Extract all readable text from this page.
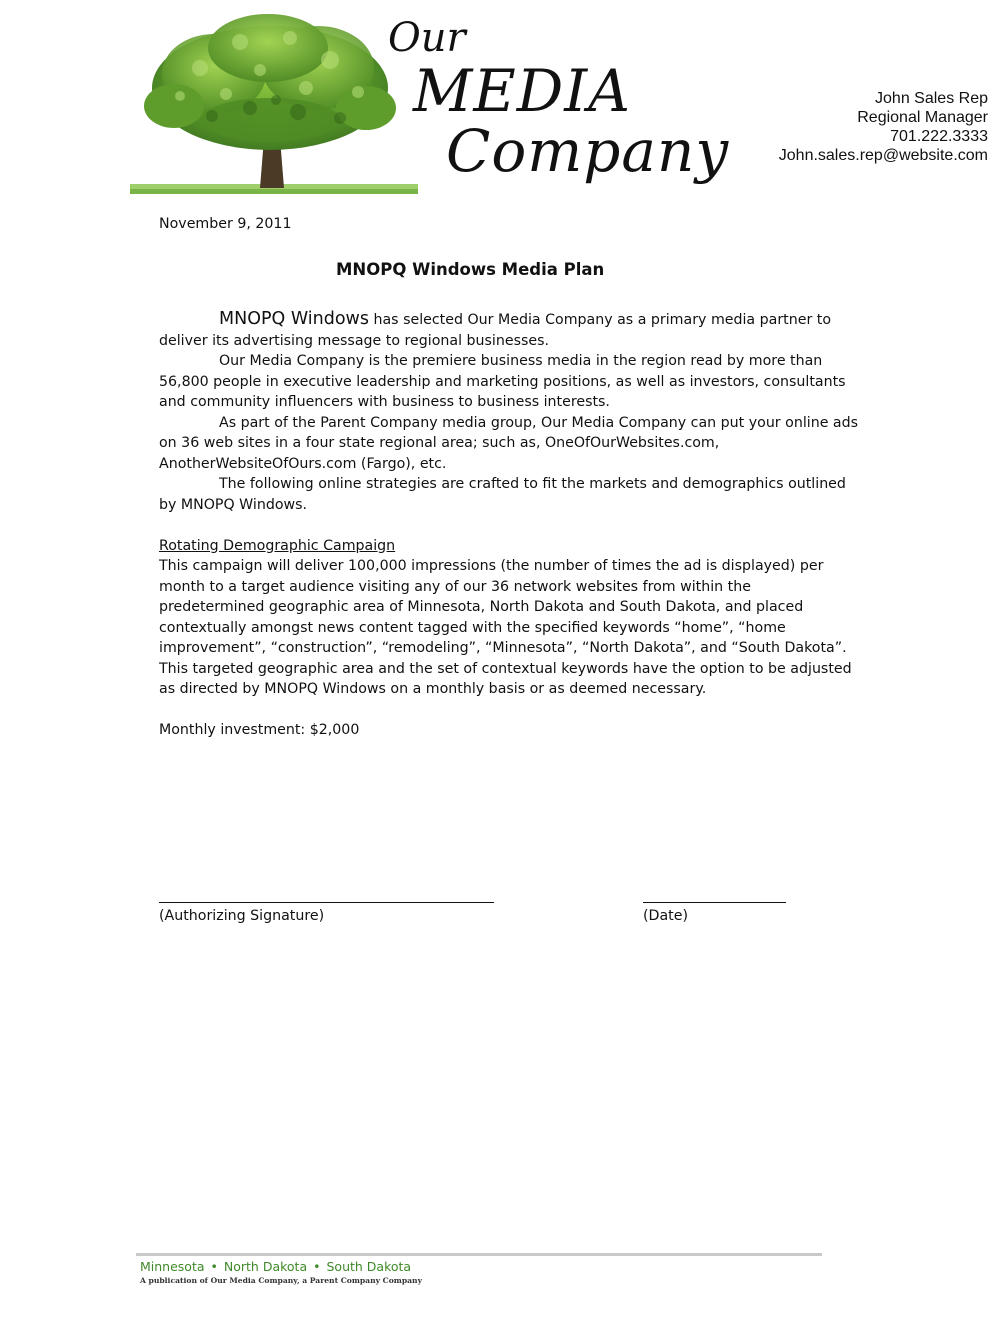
Our
MEDIA
Company
John Sales Rep
Regional Manager
701.222.3333
John.sales.rep@website.com
November 9, 2011
MNOPQ Windows Media Plan

MNOPQ Windows has selected Our Media Company as a primary media partner to deliver its advertising message to regional businesses.

Our Media Company is the premiere business media in the region read by more than 56,800 people in executive leadership and marketing positions, as well as investors, consultants and community influencers with business to business interests.

As part of the Parent Company media group, Our Media Company can put your online ads on 36 web sites in a four state regional area; such as, OneOfOurWebsites.com, AnotherWebsiteOfOurs.com (Fargo), etc.

The following online strategies are crafted to fit the markets and demographics outlined by MNOPQ Windows.

Rotating Demographic Campaign

This campaign will deliver 100,000 impressions (the number of times the ad is displayed) per month to a target audience visiting any of our 36 network websites from within the predetermined geographic area of Minnesota, North Dakota and South Dakota, and placed contextually amongst news content tagged with the specified keywords “home”, “home improvement”, “construction”, “remodeling”, “Minnesota”, “North Dakota”, and “South Dakota”. This targeted geographic area and the set of contextual keywords have the option to be adjusted as directed by MNOPQ Windows on a monthly basis or as deemed necessary.

Monthly investment: $2,000

(Authorizing Signature)	(Date)
Minnesota • North Dakota • South Dakota
A publication of Our Media Company, a Parent Company Company
